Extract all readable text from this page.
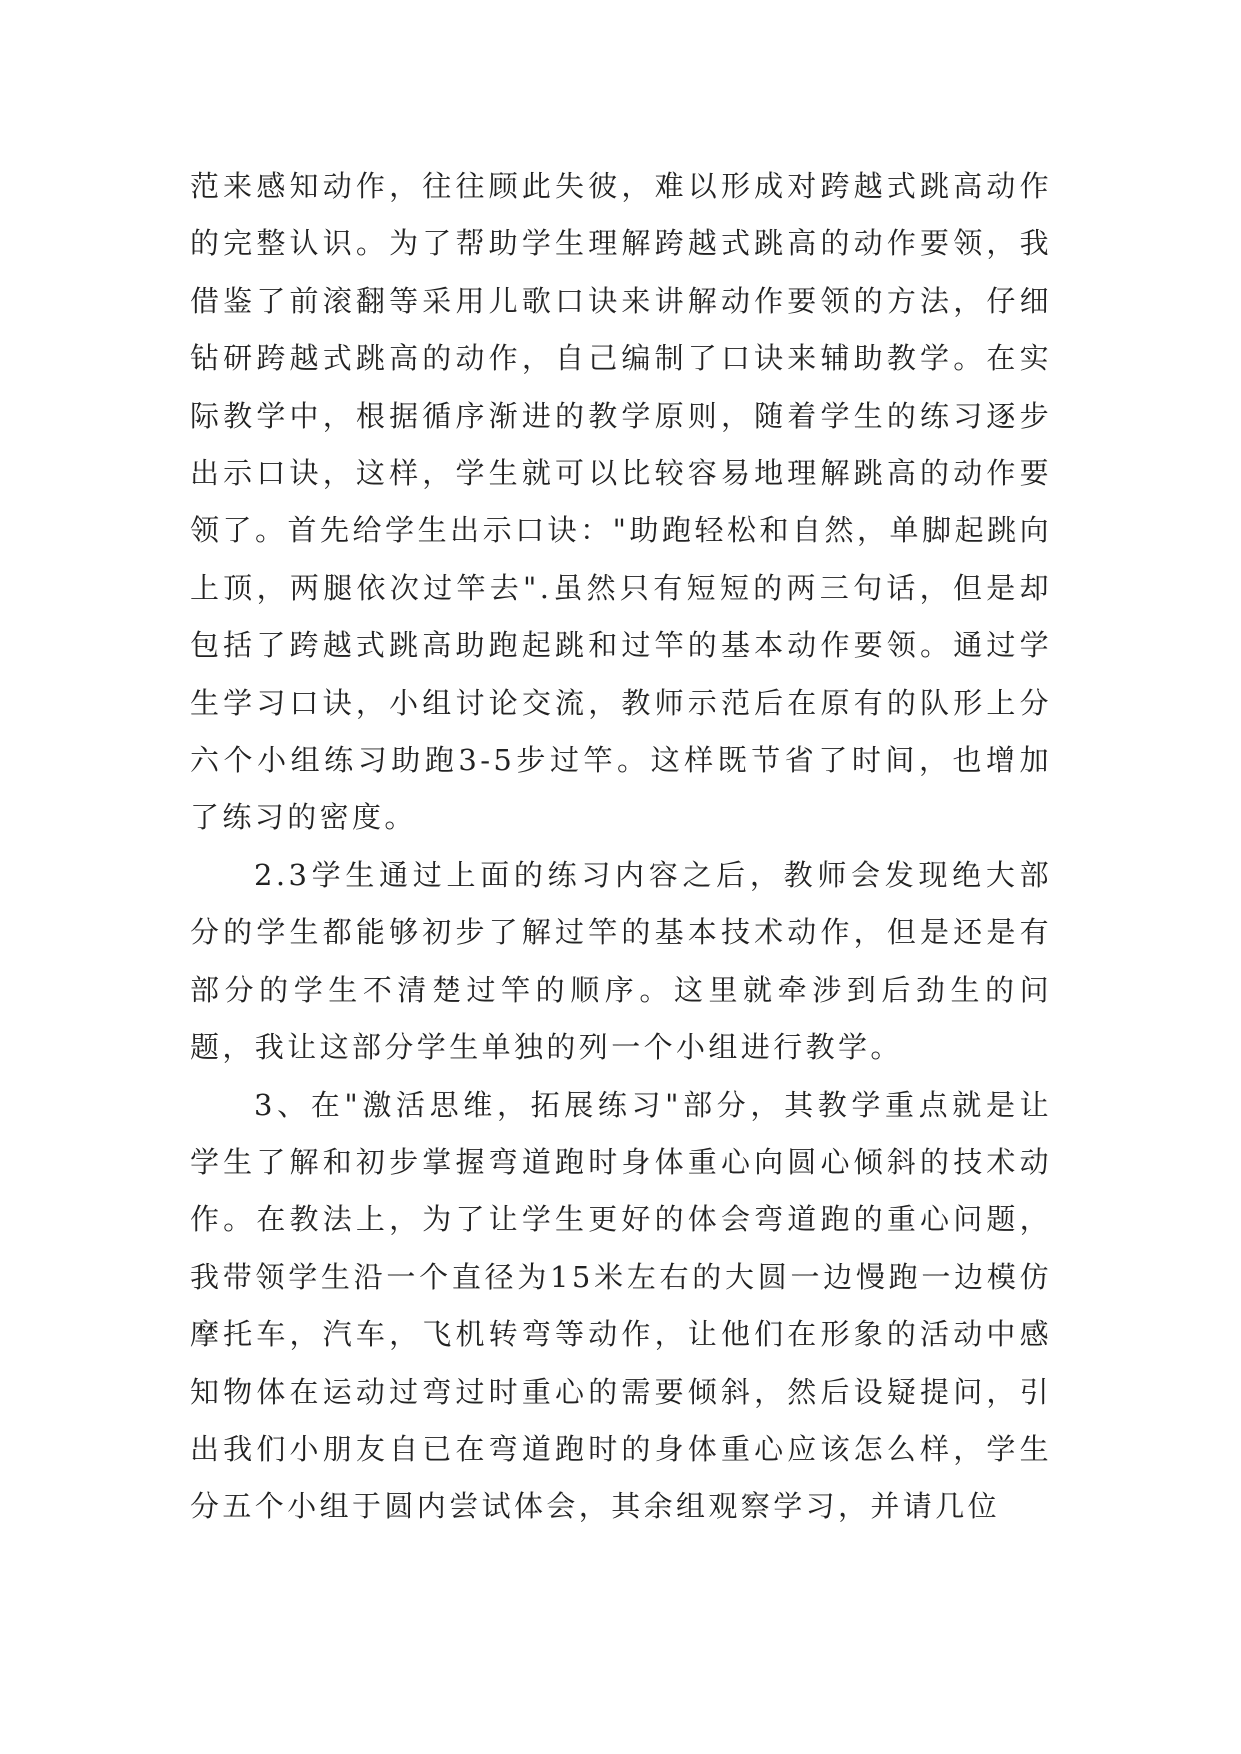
范来感知动作，往往顾此失彼，难以形成对跨越式跳高动作的完整认识。为了帮助学生理解跨越式跳高的动作要领，我借鉴了前滚翻等采用儿歌口诀来讲解动作要领的方法，仔细钻研跨越式跳高的动作，自己编制了口诀来辅助教学。在实际教学中，根据循序渐进的教学原则，随着学生的练习逐步出示口诀，这样，学生就可以比较容易地理解跳高的动作要领了。首先给学生出示口诀："助跑轻松和自然，单脚起跳向上顶，两腿依次过竿去".虽然只有短短的两三句话，但是却包括了跨越式跳高助跑起跳和过竿的基本动作要领。通过学生学习口诀，小组讨论交流，教师示范后在原有的队形上分六个小组练习助跑3-5步过竿。这样既节省了时间，也增加了练习的密度。

2.3学生通过上面的练习内容之后，教师会发现绝大部分的学生都能够初步了解过竿的基本技术动作，但是还是有部分的学生不清楚过竿的顺序。这里就牵涉到后劲生的问题，我让这部分学生单独的列一个小组进行教学。

3、在"激活思维，拓展练习"部分，其教学重点就是让学生了解和初步掌握弯道跑时身体重心向圆心倾斜的技术动作。在教法上，为了让学生更好的体会弯道跑的重心问题，我带领学生沿一个直径为15米左右的大圆一边慢跑一边模仿摩托车，汽车，飞机转弯等动作，让他们在形象的活动中感知物体在运动过弯过时重心的需要倾斜，然后设疑提问，引出我们小朋友自已在弯道跑时的身体重心应该怎么样，学生分五个小组于圆内尝试体会，其余组观察学习，并请几位
